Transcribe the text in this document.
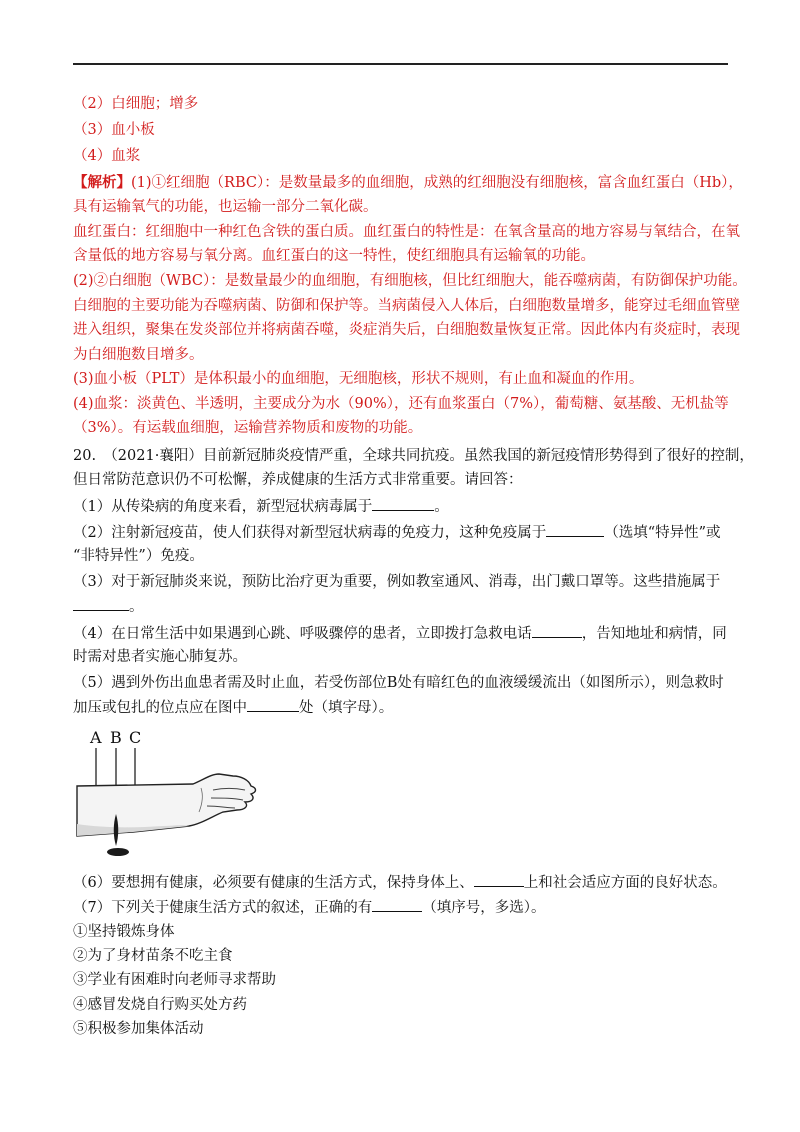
（2）白细胞；增多
（3）血小板
（4）血浆
【解析】(1)①红细胞（RBC）：是数量最多的血细胞，成熟的红细胞没有细胞核，富含血红蛋白（Hb），
具有运输氧气的功能，也运输一部分二氧化碳。
血红蛋白：红细胞中一种红色含铁的蛋白质。血红蛋白的特性是：在氧含量高的地方容易与氧结合，在氧
含量低的地方容易与氧分离。血红蛋白的这一特性，使红细胞具有运输氧的功能。
(2)②白细胞（WBC）：是数量最少的血细胞，有细胞核，但比红细胞大，能吞噬病菌，有防御保护功能。
白细胞的主要功能为吞噬病菌、防御和保护等。当病菌侵入人体后，白细胞数量增多，能穿过毛细血管壁
进入组织，聚集在发炎部位并将病菌吞噬，炎症消失后，白细胞数量恢复正常。因此体内有炎症时，表现
为白细胞数目增多。
(3)血小板（PLT）是体积最小的血细胞，无细胞核，形状不规则，有止血和凝血的作用。
(4)血浆：淡黄色、半透明，主要成分为水（90%），还有血浆蛋白（7%），葡萄糖、氨基酸、无机盐等
（3%）。有运载血细胞，运输营养物质和废物的功能。
20.　（2021·襄阳）目前新冠肺炎疫情严重，全球共同抗疫。虽然我国的新冠疫情形势得到了很好的控制，
但日常防范意识仍不可松懈，养成健康的生活方式非常重要。请回答：
（1）从传染病的角度来看，新型冠状病毒属于	。
（2）注射新冠疫苗，使人们获得对新型冠状病毒的免疫力，这种免疫属于	（选填“特异性”或
“非特异性”）免疫。
（3）对于新冠肺炎来说，预防比治疗更为重要，例如教室通风、消毒，出门戴口罩等。这些措施属于
。
（4）在日常生活中如果遇到心跳、呼吸骤停的患者，立即拨打急救电话	，告知地址和病情，同
时需对患者实施心肺复苏。
（5）遇到外伤出血患者需及时止血，若受伤部位B处有暗红色的血液缓缓流出（如图所示），则急救时
加压或包扎的位点应在图中	处（填字母）。
A B C
（6）要想拥有健康，必须要有健康的生活方式，保持身体上、	上和社会适应方面的良好状态。
（7）下列关于健康生活方式的叙述，正确的有	（填序号，多选）。
①坚持锻炼身体
②为了身材苗条不吃主食
③学业有困难时向老师寻求帮助
④感冒发烧自行购买处方药
⑤积极参加集体活动
